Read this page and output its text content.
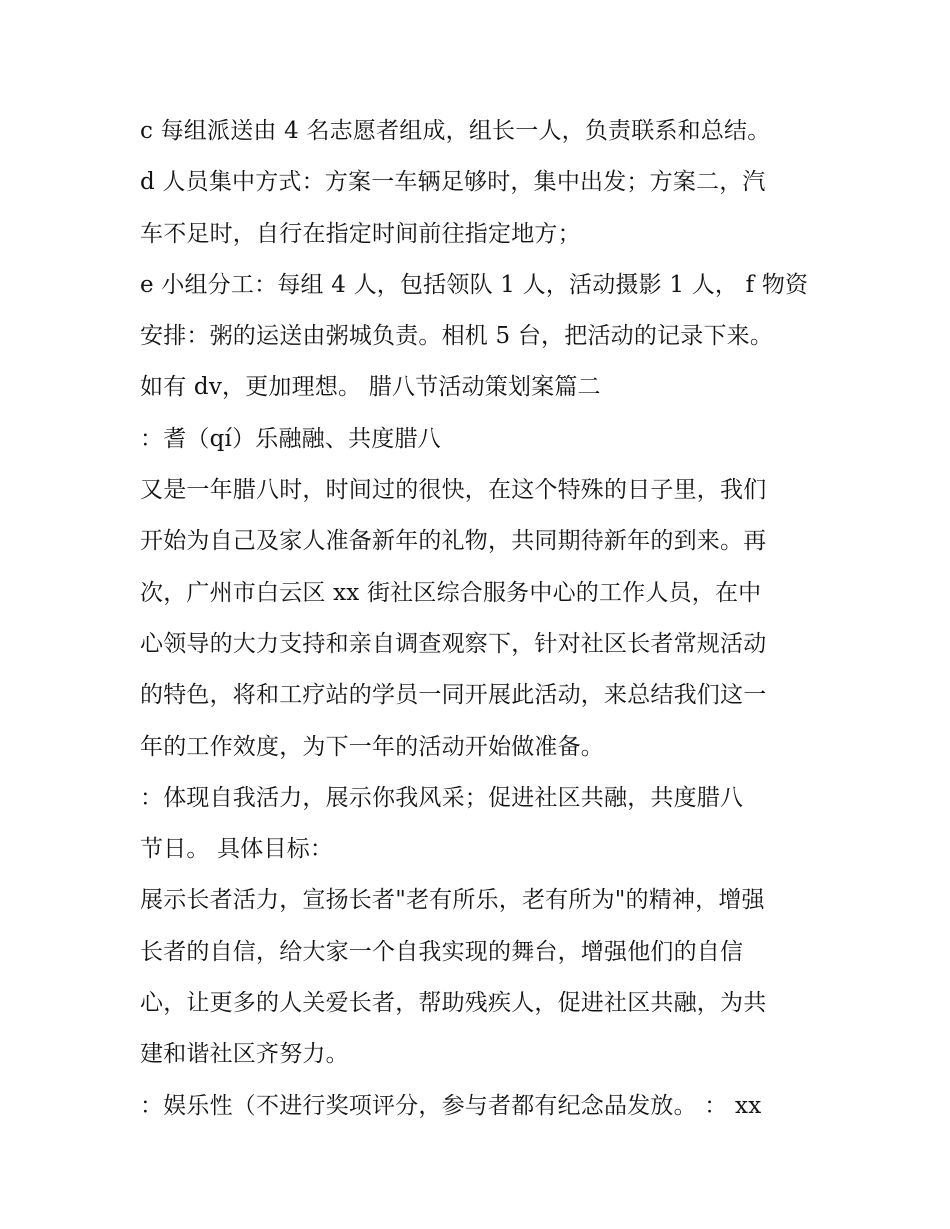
c 每组派送由 4 名志愿者组成，组长一人，负责联系和总结。
d 人员集中方式：方案一车辆足够时，集中出发；方案二，汽
车不足时，自行在指定时间前往指定地方；
e 小组分工：每组 4 人，包括领队 1 人，活动摄影 1 人， f 物资
安排：粥的运送由粥城负责。相机 5 台，把活动的记录下来。
如有 dv，更加理想。 腊八节活动策划案篇二
：耆（qí）乐融融、共度腊八
又是一年腊八时，时间过的很快，在这个特殊的日子里，我们
开始为自己及家人准备新年的礼物，共同期待新年的到来。再
次，广州市白云区 xx 街社区综合服务中心的工作人员，在中
心领导的大力支持和亲自调查观察下，针对社区长者常规活动
的特色，将和工疗站的学员一同开展此活动，来总结我们这一
年的工作效度，为下一年的活动开始做准备。
：体现自我活力，展示你我风采；促进社区共融，共度腊八
节日。 具体目标：
展示长者活力，宣扬长者"老有所乐，老有所为"的精神，增强
长者的自信，给大家一个自我实现的舞台，增强他们的自信
心，让更多的人关爱长者，帮助残疾人，促进社区共融，为共
建和谐社区齐努力。
：娱乐性（不进行奖项评分，参与者都有纪念品发放。 ： xx
